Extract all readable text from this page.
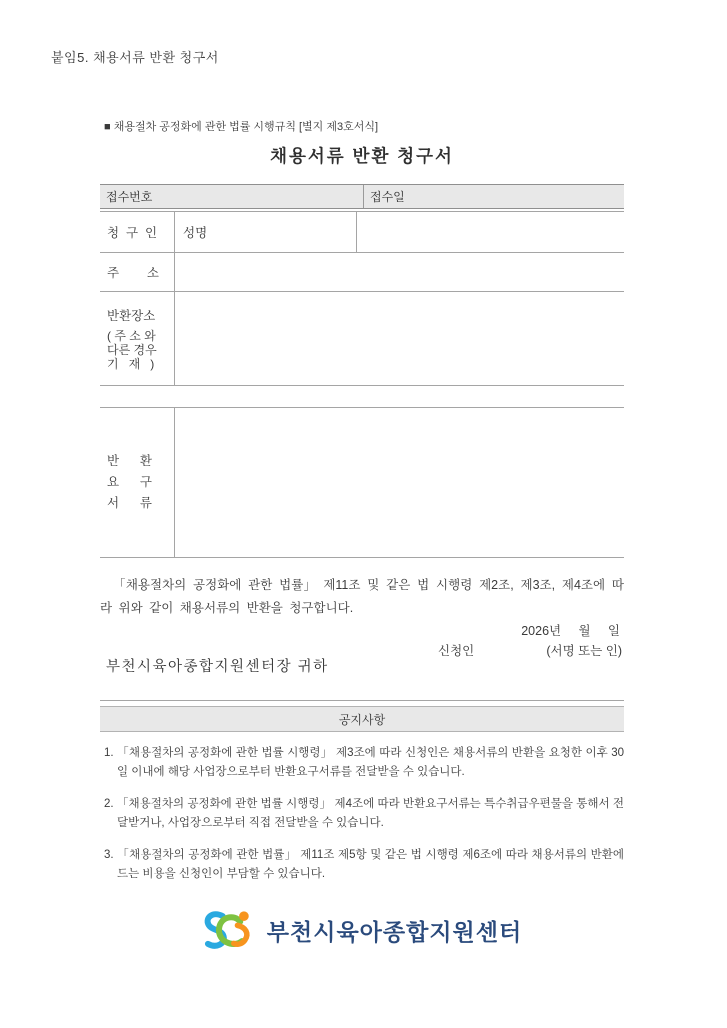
붙임5. 채용서류 반환 청구서
■ 채용절차 공정화에 관한 법률 시행규칙 [별지 제3호서식]
채용서류 반환 청구서
접수번호	접수일
청  구  인	성명
주        소
반환장소
( 주 소 와
다른 경우
기   재   )
반      환
요      구
서      류

「채용절차의 공정화에 관한 법률」 제11조 및 같은 법 시행령 제2조, 제3조, 제4조에 따라 위와 같이 채용서류의 반환을 청구합니다.

2026년     월     일
신청인	(서명 또는 인)
부천시육아종합지원센터장 귀하
공지사항
1. 「채용절차의 공정화에 관한 법률 시행령」 제3조에 따라 신청인은 채용서류의 반환을 요청한 이후 30일 이내에 해당 사업장으로부터 반환요구서류를 전달받을 수 있습니다.
2. 「채용절차의 공정화에 관한 법률 시행령」 제4조에 따라 반환요구서류는 특수취급우편물을 통해서 전달받거나, 사업장으로부터 직접 전달받을 수 있습니다.
3. 「채용절차의 공정화에 관한 법률」 제11조 제5항 및 같은 법 시행령 제6조에 따라 채용서류의 반환에 드는 비용을 신청인이 부담할 수 있습니다.
부천시육아종합지원센터
